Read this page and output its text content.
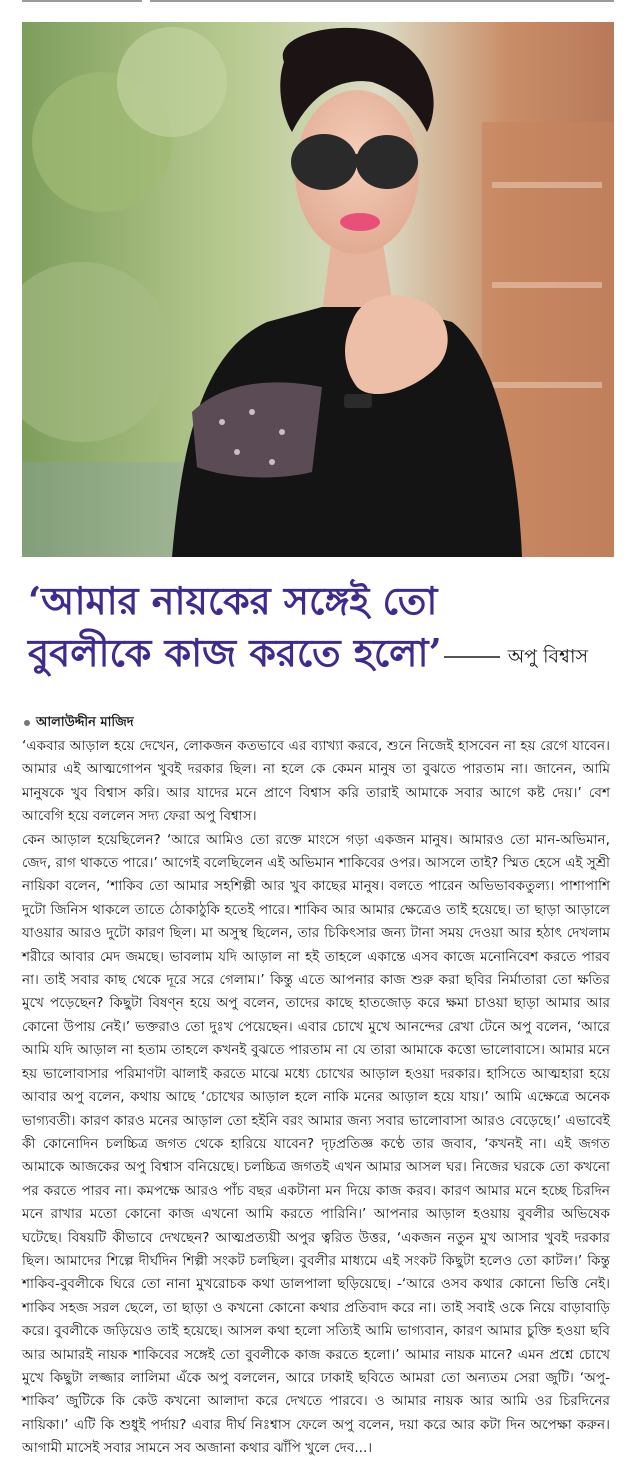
‘আমার নায়কের সঙ্গেই তো
বুবলীকে কাজ করতে হলো’	অপু বিশ্বাস
আলাউদ্দীন মাজিদ

‘একবার আড়াল হয়ে দেখেন, লোকজন কতভাবে এর ব্যাখ্যা করবে, শুনে নিজেই হাসবেন না হয় রেগে যাবেন। আমার এই আত্মগোপন খুবই দরকার ছিল। না হলে কে কেমন মানুষ তা বুঝতে পারতাম না। জানেন, আমি মানুষকে খুব বিশ্বাস করি। আর যাদের মনে প্রাণে বিশ্বাস করি তারাই আমাকে সবার আগে কষ্ট দেয়।’ বেশ আবেগি হয়ে বললেন সদ্য ফেরা অপু বিশ্বাস।

কেন আড়াল হয়েছিলেন? ‘আরে আমিও তো রক্তে মাংসে গড়া একজন মানুষ। আমারও তো মান-অভিমান, জেদ, রাগ থাকতে পারে।’ আগেই বলেছিলেন এই অভিমান শাকিবের ওপর। আসলে তাই? স্মিত হেসে এই সুশ্রী নায়িকা বলেন, ‘শাকিব তো আমার সহশিল্পী আর খুব কাছের মানুষ। বলতে পারেন অভিভাবকতুল্য। পাশাপাশি দুটো জিনিস থাকলে তাতে ঠোকাঠুকি হতেই পারে। শাকিব আর আমার ক্ষেত্রেও তাই হয়েছে। তা ছাড়া আড়ালে যাওয়ার আরও দুটো কারণ ছিল। মা অসুস্থ ছিলেন, তার চিকিৎসার জন্য টানা সময় দেওয়া আর হঠাৎ দেখলাম শরীরে আবার মেদ জমছে। ভাবলাম যদি আড়াল না হই তাহলে একান্তে এসব কাজে মনোনিবেশ করতে পারব না। তাই সবার কাছ থেকে দূরে সরে গেলাম।’ কিন্তু এতে আপনার কাজ শুরু করা ছবির নির্মাতারা তো ক্ষতির মুখে পড়েছেন? কিছুটা বিষণ্ন হয়ে অপু বলেন, তাদের কাছে হাতজোড় করে ক্ষমা চাওয়া ছাড়া আমার আর কোনো উপায় নেই।’ ভক্তরাও তো দুঃখ পেয়েছেন। এবার চোখে মুখে আনন্দের রেখা টেনে অপু বলেন, ‘আরে আমি যদি আড়াল না হতাম তাহলে কখনই বুঝতে পারতাম না যে তারা আমাকে কত্তো ভালোবাসে। আমার মনে হয় ভালোবাসার পরিমাণটা ঝালাই করতে মাঝে মধ্যে চোখের আড়াল হওয়া দরকার। হাসিতে আত্মহারা হয়ে আবার অপু বলেন, কথায় আছে ‘চোখের আড়াল হলে নাকি মনের আড়াল হয়ে যায়।’ আমি এক্ষেত্রে অনেক ভাগ্যবতী। কারণ কারও মনের আড়াল তো হইনি বরং আমার জন্য সবার ভালোবাসা আরও বেড়েছে।’ এভাবেই কী কোনোদিন চলচ্চিত্র জগত থেকে হারিয়ে যাবেন? দৃঢ়প্রতিজ্ঞ কণ্ঠে তার জবাব, ‘কখনই না। এই জগত আমাকে আজকের অপু বিশ্বাস বনিয়েছে। চলচ্চিত্র জগতই এখন আমার আসল ঘর। নিজের ঘরকে তো কখনো পর করতে পারব না। কমপক্ষে আরও পাঁচ বছর একটানা মন দিয়ে কাজ করব। কারণ আমার মনে হচ্ছে চিরদিন মনে রাখার মতো কোনো কাজ এখনো আমি করতে পারিনি।’ আপনার আড়াল হওয়ায় বুবলীর অভিষেক ঘটেছে। বিষয়টি কীভাবে দেখছেন? আত্মপ্রত্যয়ী অপুর ত্বরিত উত্তর, ‘একজন নতুন মুখ আসার খুবই দরকার ছিল। আমাদের শিল্পে দীর্ঘদিন শিল্পী সংকট চলছিল। বুবলীর মাধ্যমে এই সংকট কিছুটা হলেও তো কাটল।’ কিন্তু শাকিব-বুবলীকে ঘিরে তো নানা মুখরোচক কথা ডালপালা ছড়িয়েছে। -‘আরে ওসব কথার কোনো ভিত্তি নেই। শাকিব সহজ সরল ছেলে, তা ছাড়া ও কখনো কোনো কথার প্রতিবাদ করে না। তাই সবাই ওকে নিয়ে বাড়াবাড়ি করে। বুবলীকে জড়িয়েও তাই হয়েছে। আসল কথা হলো সত্যিই আমি ভাগ্যবান, কারণ আমার চুক্তি হওয়া ছবি আর আমারই নায়ক শাকিবের সঙ্গেই তো বুবলীকে কাজ করতে হলো।’ আমার নায়ক মানে? এমন প্রশ্নে চোখে মুখে কিছুটা লজ্জার লালিমা এঁকে অপু বললেন, আরে ঢাকাই ছবিতে আমরা তো অন্যতম সেরা জুটি। ‘অপু-শাকিব’ জুটিকে কি কেউ কখনো আলাদা করে দেখতে পারবে। ও আমার নায়ক আর আমি ওর চিরদিনের নায়িকা।’ এটি কি শুধুই পর্দায়? এবার দীর্ঘ নিঃশ্বাস ফেলে অপু বলেন, দয়া করে আর কটা দিন অপেক্ষা করুন। আগামী মাসেই সবার সামনে সব অজানা কথার ঝাঁপি খুলে দেব...।
